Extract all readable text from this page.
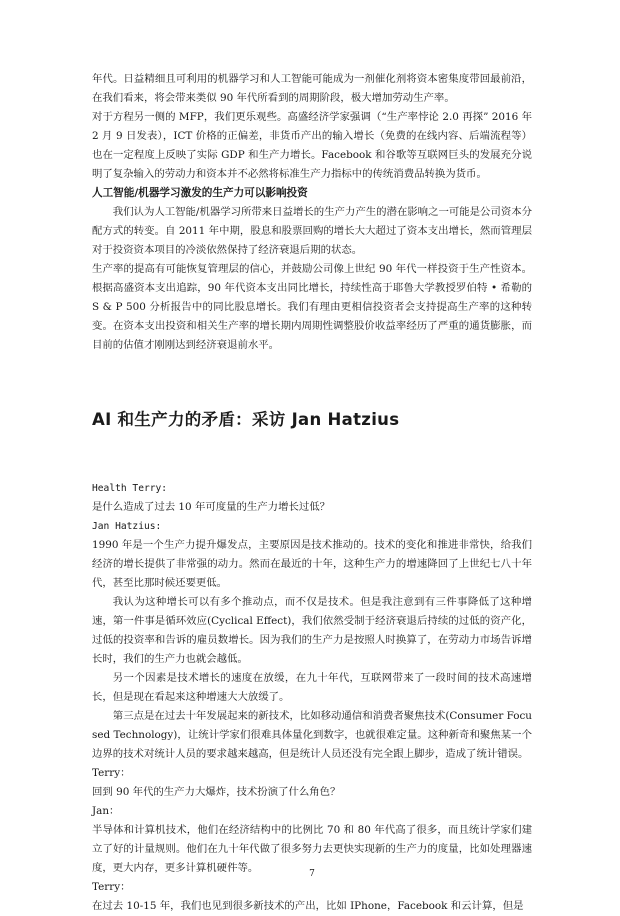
年代。日益精细且可利用的机器学习和人工智能可能成为一剂催化剂将资本密集度带回最前沿，在我们看来，将会带来类似 90 年代所看到的周期阶段，极大增加劳动生产率。

对于方程另一侧的 MFP，我们更乐观些。高盛经济学家强调（“生产率悖论 2.0 再探” 2016 年 2 月 9 日发表），ICT 价格的正偏差，非货币产出的输入增长（免费的在线内容、后端流程等） 也在一定程度上反映了实际 GDP 和生产力增长。Facebook 和谷歌等互联网巨头的发展充分说明了复杂输入的劳动力和资本并不必然将标准生产力指标中的传统消费品转换为货币。

人工智能/机器学习激发的生产力可以影响投资

我们认为人工智能/机器学习所带来日益增长的生产力产生的潜在影响之一可能是公司资本分配方式的转变。自 2011 年中期，股息和股票回购的增长大大超过了资本支出增长，然而管理层对于投资资本项目的冷淡依然保持了经济衰退后期的状态。

生产率的提高有可能恢复管理层的信心，并鼓励公司像上世纪 90 年代一样投资于生产性资本。根据高盛资本支出追踪，90 年代资本支出同比增长，持续性高于耶鲁大学教授罗伯特 • 希勒的 S & P 500 分析报告中的同比股息增长。我们有理由更相信投资者会支持提高生产率的这种转变。在资本支出投资和相关生产率的增长期内周期性调整股价收益率经历了严重的通货膨胀，而目前的估值才刚刚达到经济衰退前水平。

AI 和生产力的矛盾：采访 Jan Hatzius

Health Terry:

是什么造成了过去 10 年可度量的生产力增长过低？

Jan Hatzius:

1990 年是一个生产力提升爆发点，主要原因是技术推动的。技术的变化和推进非常快，给我们经济的增长提供了非常强的动力。然而在最近的十年，这种生产力的增速降回了上世纪七八十年代，甚至比那时候还要更低。

我认为这种增长可以有多个推动点，而不仅是技术。但是我注意到有三件事降低了这种增速，第一件事是循环效应(Cyclical Effect)，我们依然受制于经济衰退后持续的过低的资产化，过低的投资率和告诉的雇员数增长。因为我们的生产力是按照人时换算了，在劳动力市场告诉增长时，我们的生产力也就会越低。

另一个因素是技术增长的速度在放缓，在九十年代，互联网带来了一段时间的技术高速增长，但是现在看起来这种增速大大放缓了。

第三点是在过去十年发展起来的新技术，比如移动通信和消费者聚焦技术(Consumer Focused Technology)，让统计学家们很难具体量化到数字，也就很难定量。这种新奇和聚焦某一个边界的技术对统计人员的要求越来越高，但是统计人员还没有完全跟上脚步，造成了统计错误。

Terry：

回到 90 年代的生产力大爆炸，技术扮演了什么角色？

Jan：

半导体和计算机技术，他们在经济结构中的比例比 70 和 80 年代高了很多，而且统计学家们建立了好的计量规则。他们在九十年代做了很多努力去更快实现新的生产力的度量，比如处理器速度，更大内存，更多计算机硬件等。

Terry：

在过去 10-15 年，我们也见到很多新技术的产出，比如 IPhone，Facebook 和云计算，但是

7
